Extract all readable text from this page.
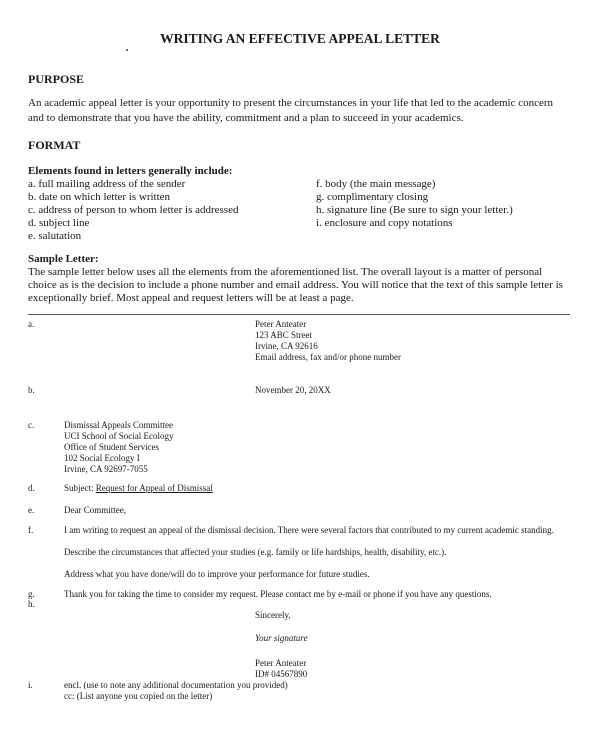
WRITING AN EFFECTIVE APPEAL LETTER
PURPOSE
An academic appeal letter is your opportunity to present the circumstances in your life that led to the academic concern
and to demonstrate that you have the ability, commitment and a plan to succeed in your academics.
FORMAT
Elements found in letters generally include:
a. full mailing address of the sender
b. date on which letter is written
c. address of person to whom letter is addressed
d. subject line
e. salutation
f. body (the main message)
g. complimentary closing
h. signature line (Be sure to sign your letter.)
i. enclosure and copy notations
Sample Letter:
The sample letter below uses all the elements from the aforementioned list. The overall layout is a matter of personal
choice as is the decision to include a phone number and email address. You will notice that the text of this sample letter is
exceptionally brief. Most appeal and request letters will be at least a page.
a.	Peter Anteater
123 ABC Street
Irvine, CA 92616
Email address, fax and/or phone number
b.	November 20, 20XX
c.	Dismissal Appeals Committee
UCI School of Social Ecology
Office of Student Services
102 Social Ecology I
Irvine, CA 92697-7055
d.	Subject: Request for Appeal of Dismissal
e.	Dear Committee,
f.	I am writing to request an appeal of the dismissal decision. There were several factors that contributed to my current academic standing.
Describe the circumstances that affected your studies (e.g. family or life hardships, health, disability, etc.).
Address what you have done/will do to improve your performance for future studies.
g.	Thank you for taking the time to consider my request. Please contact me by e-mail or phone if you have any questions.
h.
Sincerely,
Your signature
Peter Anteater
ID# 04567890
i.	encl. (use to note any additional documentation you provided)
cc: (List anyone you copied on the letter)
